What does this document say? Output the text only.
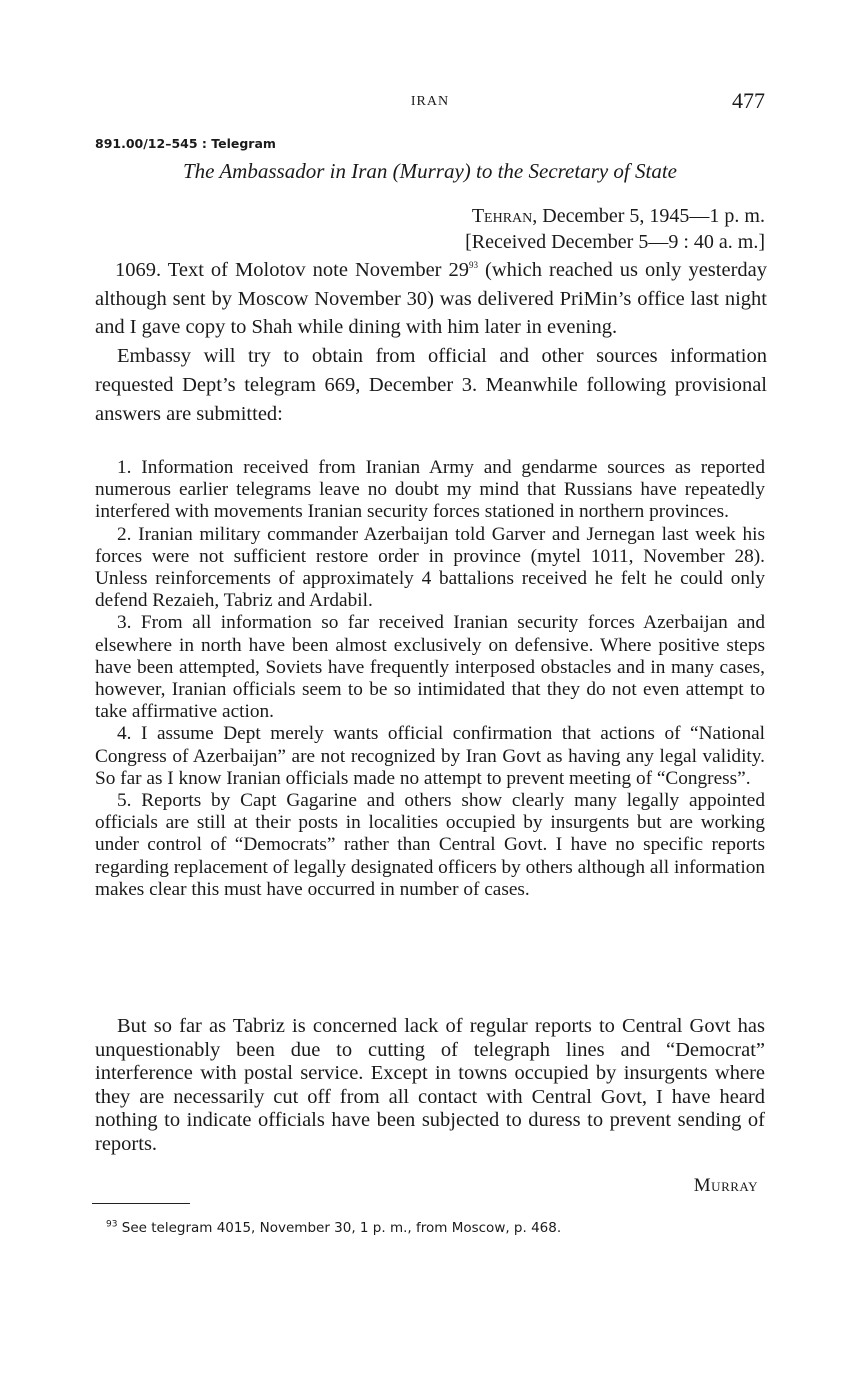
IRAN	477
891.00/12–545 : Telegram
The Ambassador in Iran (Murray) to the Secretary of State
Tehran, December 5, 1945—1 p. m.
[Received December 5—9 : 40 a. m.]

1069. Text of Molotov note November $29^{93}$ (which reached us only yesterday although sent by Moscow November 30) was delivered PriMin’s office last night and I gave copy to Shah while dining with him later in evening.

Embassy will try to obtain from official and other sources information requested Dept’s telegram 669, December 3. Meanwhile following provisional answers are submitted:

1. Information received from Iranian Army and gendarme sources as reported numerous earlier telegrams leave no doubt my mind that Russians have repeatedly interfered with movements Iranian security forces stationed in northern provinces.

2. Iranian military commander Azerbaijan told Garver and Jernegan last week his forces were not sufficient restore order in province (mytel 1011, November 28). Unless reinforcements of approximately 4 battalions received he felt he could only defend Rezaieh, Tabriz and Ardabil.

3. From all information so far received Iranian security forces Azerbaijan and elsewhere in north have been almost exclusively on defensive. Where positive steps have been attempted, Soviets have frequently interposed obstacles and in many cases, however, Iranian officials seem to be so intimidated that they do not even attempt to take affirmative action.

4. I assume Dept merely wants official confirmation that actions of “National Congress of Azerbaijan” are not recognized by Iran Govt as having any legal validity. So far as I know Iranian officials made no attempt to prevent meeting of “Congress”.

5. Reports by Capt Gagarine and others show clearly many legally appointed officials are still at their posts in localities occupied by insurgents but are working under control of “Democrats” rather than Central Govt. I have no specific reports regarding replacement of legally designated officers by others although all information makes clear this must have occurred in number of cases.

But so far as Tabriz is concerned lack of regular reports to Central Govt has unquestionably been due to cutting of telegraph lines and “Democrat” interference with postal service. Except in towns occupied by insurgents where they are necessarily cut off from all contact with Central Govt, I have heard nothing to indicate officials have been subjected to duress to prevent sending of reports.

Murray
$^{93}$ See telegram 4015, November 30, 1 p. m., from Moscow, p. 468.
